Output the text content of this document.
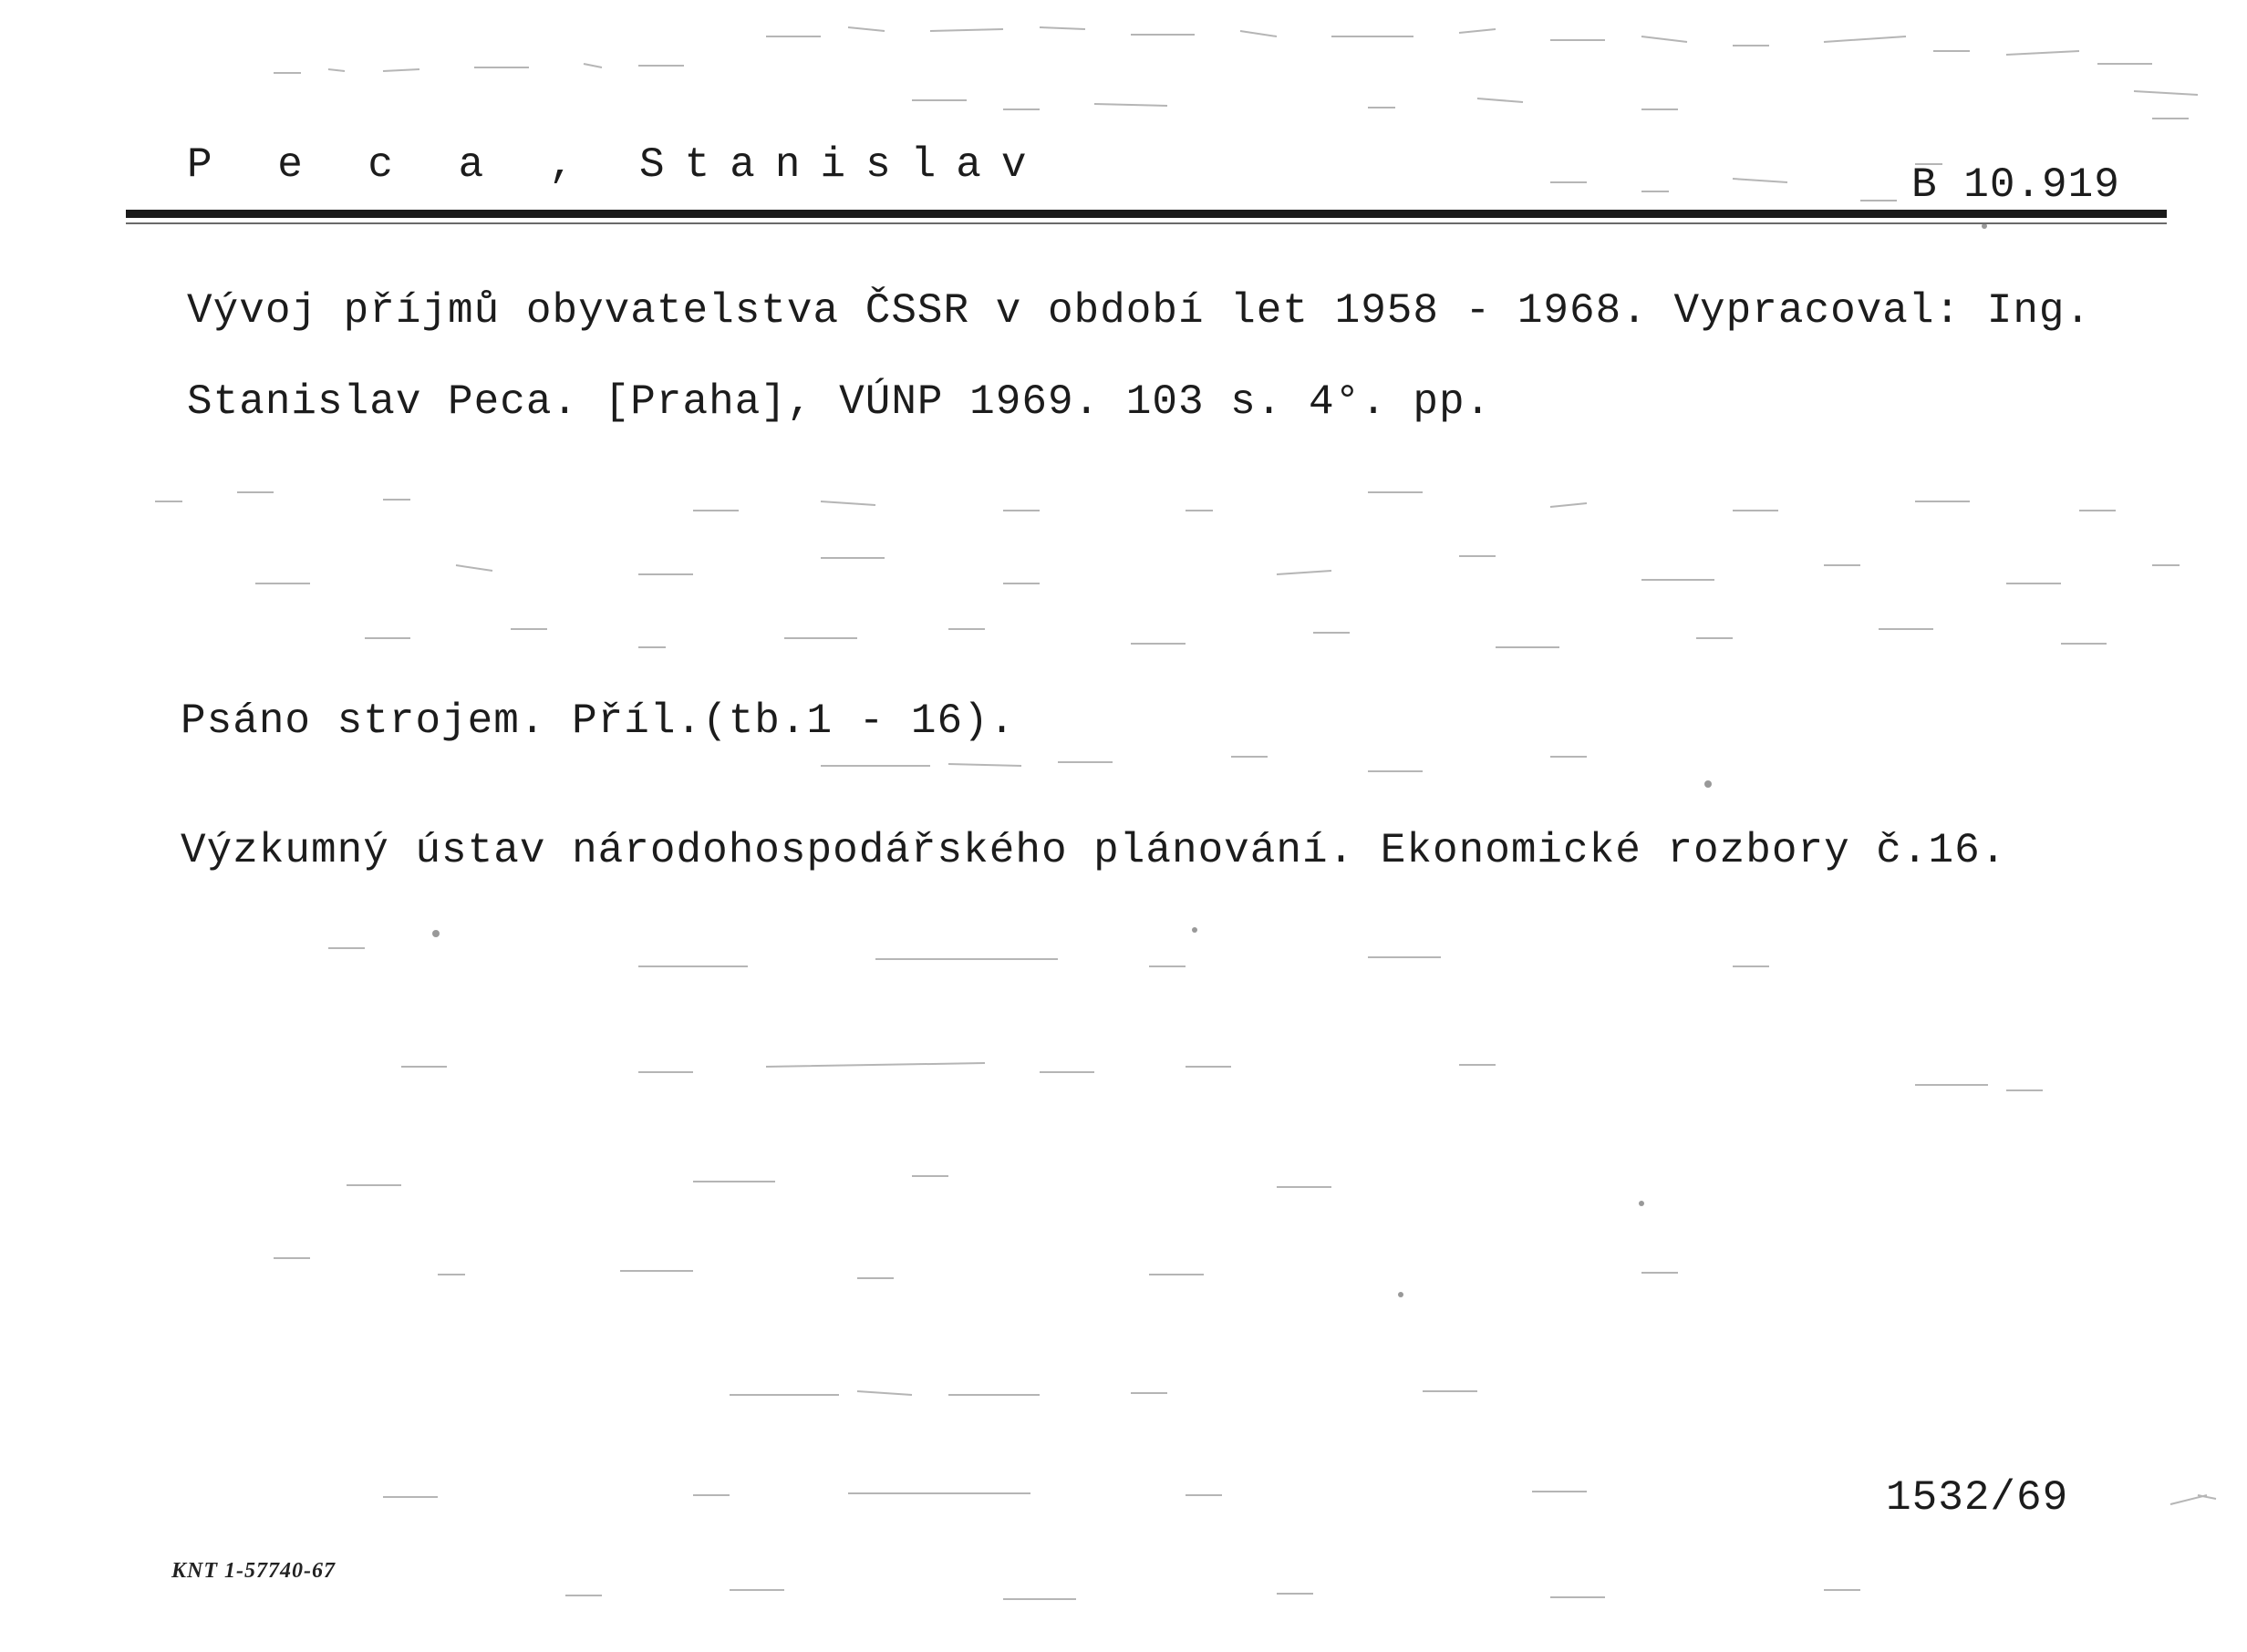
P e c a , Stanislav	B 10.919
Vývoj příjmů obyvatelstva ČSSR v období let 1958 - 1968. Vypracoval: Ing.
Stanislav Peca. [Praha], VÚNP 1969. 103 s. 4°. pp.
Psáno strojem. Příl.(tb.1 - 16).
Výzkumný ústav národohospodářského plánování. Ekonomické rozbory č.16.
1532/69
KNT 1-57740-67
